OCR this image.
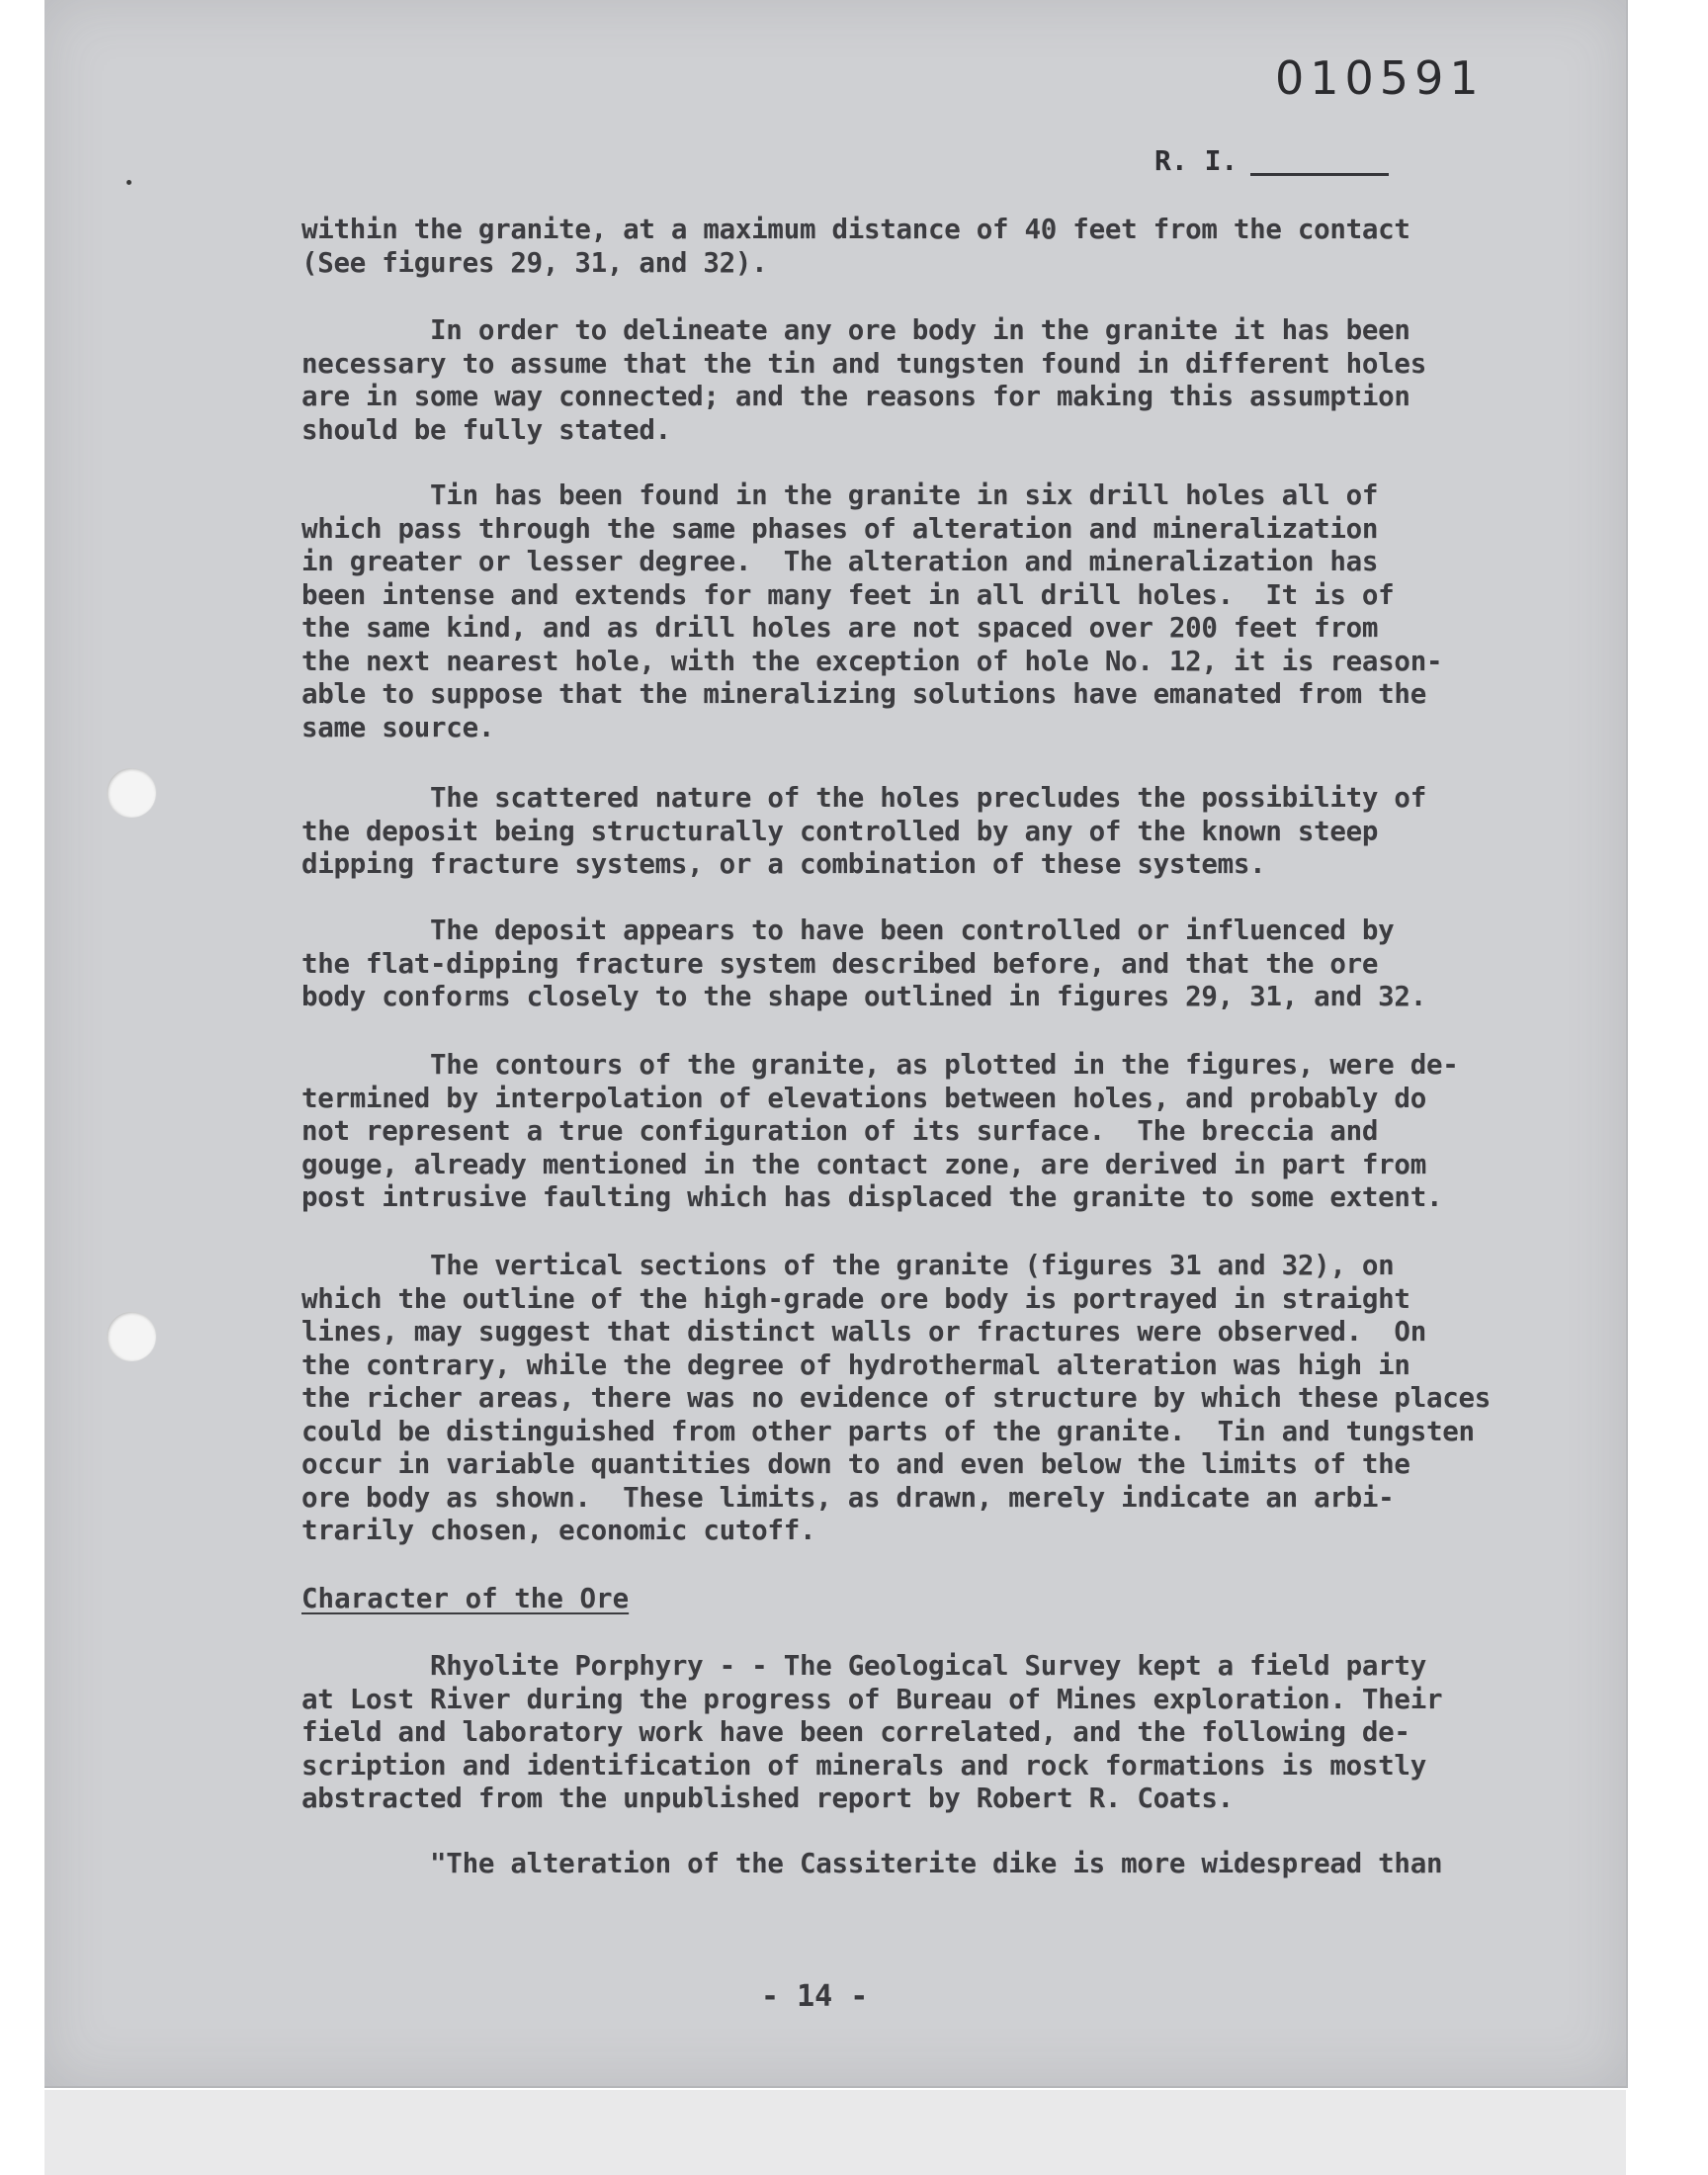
010591
R. I.

within the granite, at a maximum distance of 40 feet from the contact
(See figures 29, 31, and 32).

In order to delineate any ore body in the granite it has been
necessary to assume that the tin and tungsten found in different holes
are in some way connected; and the reasons for making this assumption
should be fully stated.

Tin has been found in the granite in six drill holes all of
which pass through the same phases of alteration and mineralization
in greater or lesser degree.  The alteration and mineralization has
been intense and extends for many feet in all drill holes.  It is of
the same kind, and as drill holes are not spaced over 200 feet from
the next nearest hole, with the exception of hole No. 12, it is reason-
able to suppose that the mineralizing solutions have emanated from the
same source.

The scattered nature of the holes precludes the possibility of
the deposit being structurally controlled by any of the known steep
dipping fracture systems, or a combination of these systems.

The deposit appears to have been controlled or influenced by
the flat-dipping fracture system described before, and that the ore
body conforms closely to the shape outlined in figures 29, 31, and 32.

The contours of the granite, as plotted in the figures, were de-
termined by interpolation of elevations between holes, and probably do
not represent a true configuration of its surface.  The breccia and
gouge, already mentioned in the contact zone, are derived in part from
post intrusive faulting which has displaced the granite to some extent.

The vertical sections of the granite (figures 31 and 32), on
which the outline of the high-grade ore body is portrayed in straight
lines, may suggest that distinct walls or fractures were observed.  On
the contrary, while the degree of hydrothermal alteration was high in
the richer areas, there was no evidence of structure by which these places
could be distinguished from other parts of the granite.  Tin and tungsten
occur in variable quantities down to and even below the limits of the
ore body as shown.  These limits, as drawn, merely indicate an arbi-
trarily chosen, economic cutoff.

Character of the Ore

Rhyolite Porphyry - - The Geological Survey kept a field party
at Lost River during the progress of Bureau of Mines exploration. Their
field and laboratory work have been correlated, and the following de-
scription and identification of minerals and rock formations is mostly
abstracted from the unpublished report by Robert R. Coats.

"The alteration of the Cassiterite dike is more widespread than

- 14 -
